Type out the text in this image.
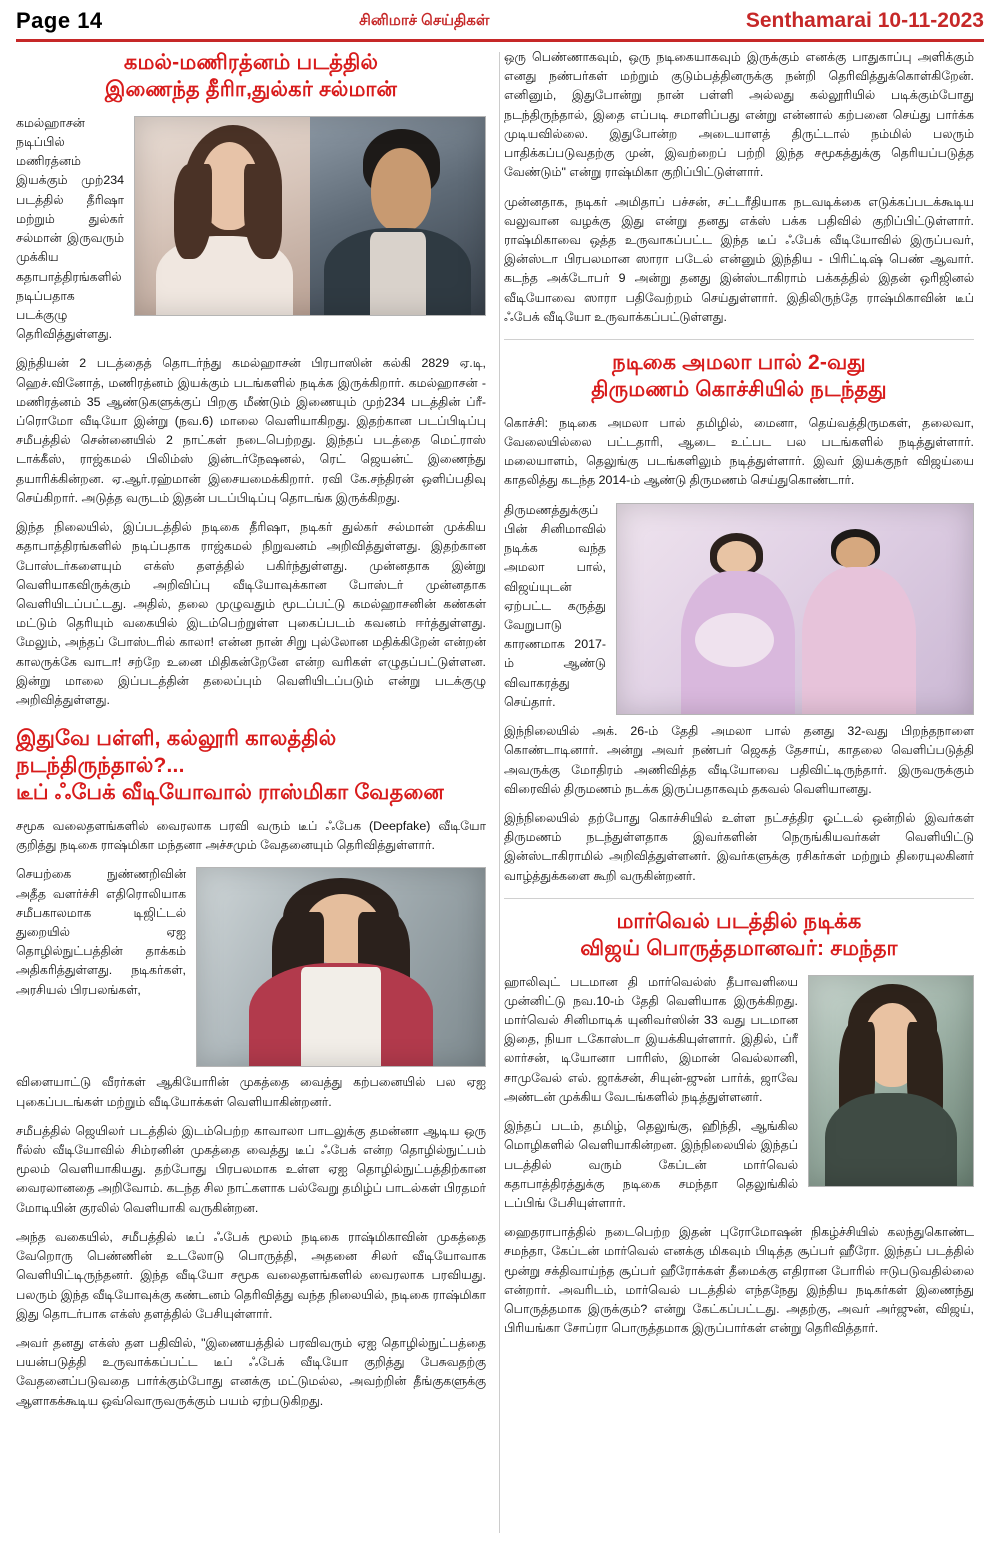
Page 14	சினிமாச் செய்திகள்	Senthamarai 10-11-2023
கமல்-மணிரத்னம் படத்தில்
இணைந்த தீரிா,துல்கர் சல்மான்

கமல்ஹாசன் நடிப்பில் மணிரத்னம் இயக்கும் முற்234 படத்தில் தீரிஷா மற்றும் துல்கர் சல்மான் இருவரும் முக்கிய கதாபாத்திரங்களில் நடிப்பதாக படக்குழு தெரிவித்துள்ளது.

இந்தியன் 2 படத்தைத் தொடர்ந்து கமல்ஹாசன் பிரபாஸின் கல்கி 2829 ஏ.டி, ஹெச்.வினோத், மணிரத்னம் இயக்கும் படங்களில் நடிக்க இருக்கிறார். கமல்ஹாசன் - மணிரத்னம் 35 ஆண்டுகளுக்குப் பிறகு மீண்டும் இணையும் முற்234 படத்தின் ப்ரீ-ப்ரொமோ வீடியோ இன்று (நவ.6) மாலை வெளியாகிறது. இதற்கான படப்பிடிப்பு சமீபத்தில் சென்னையில் 2 நாட்கள் நடைபெற்றது. இந்தப் படத்தை மெட்ராஸ் டாக்கீஸ், ராஜ்கமல் பிலிம்ஸ் இன்டர்நேஷனல், ரெட் ஜெயன்ட் இணைந்து தயாரிக்கின்றன. ஏ.ஆர்.ரஹ்மான் இசையமைக்கிறார். ரவி கே.சந்திரன் ஒளிப்பதிவு செய்கிறார். அடுத்த வருடம் இதன் படப்பிடிப்பு தொடங்க இருக்கிறது.

இந்த நிலையில், இப்படத்தில் நடிகை தீரிஷா, நடிகர் துல்கர் சல்மான் முக்கிய கதாபாத்திரங்களில் நடிப்பதாக ராஜ்கமல் நிறுவனம் அறிவித்துள்ளது. இதற்கான போஸ்டர்களையும் எக்ஸ் தளத்தில் பகிர்ந்துள்ளது. முன்னதாக இன்று வெளியாகவிருக்கும் அறிவிப்பு வீடியோவுக்கான போஸ்டர் முன்னதாக வெளியிடப்பட்டது. அதில், தலை முழுவதும் மூடப்பட்டு கமல்ஹாசனின் கண்கள் மட்டும் தெரியும் வகையில் இடம்பெற்றுள்ள புகைப்படம் கவனம் ஈர்த்துள்ளது. மேலும், அந்தப் போஸ்டரில் காலா! என்ன நான் சிறு புல்லோன மதிக்கிறேன் என்றன் காலருக்கே வாடா! சற்றே உனை மிதிகன்றேனே என்ற வரிகள் எழுதப்பட்டுள்ளன. இன்று மாலை இப்படத்தின் தலைப்பும் வெளியிடப்படும் என்று படக்குழு அறிவித்துள்ளது.

இதுவே பள்ளி, கல்லூரி காலத்தில் நடந்திருந்தால்?...
டீப் ஃபேக் வீடியோவால் ராஸ்மிகா வேதனை

சமூக வலைதளங்களில் வைரலாக பரவி வரும் டீப் ஃபேக (Deepfake) வீடியோ குறித்து நடிகை ராஷ்மிகா மந்தனா அச்சமும் வேதனையும் தெரிவித்துள்ளார்.

செயற்கை நுண்ணறிவின் அதீத வளர்ச்சி எதிரொலியாக சமீபகாலமாக டிஜிட்டல் துறையில் ஏஐ தொழில்நுட்பத்தின் தாக்கம் அதிகரித்துள்ளது. நடிகர்கள், அரசியல் பிரபலங்கள்,

விளையாட்டு வீரர்கள் ஆகியோரின் முகத்தை வைத்து கற்பனையில் பல ஏஐ புகைப்படங்கள் மற்றும் வீடியோக்கள் வெளியாகின்றனர்.

சமீபத்தில் ஜெயிலர் படத்தில் இடம்பெற்ற காவாலா பாடலுக்கு தமன்னா ஆடிய ஒரு ரீல்ஸ் வீடியோவில் சிம்ரனின் முகத்தை வைத்து டீப் ஃபேக் என்ற தொழில்நுட்பம் மூலம் வெளியாகியது. தற்போது பிரபலமாக உள்ள ஏஐ தொழில்நுட்பத்திற்கான வைரலானதை அறிவோம். கடந்த சில நாட்களாக பல்வேறு தமிழ்ப் பாடல்கள் பிரதமர் மோடியின் குரலில் வெளியாகி வருகின்றன.

அந்த வகையில், சமீபத்தில் டீப் ஃபேக் மூலம் நடிகை ராஷ்மிகாவின் முகத்தை வேறொரு பெண்ணின் உடலோடு பொருத்தி, அதனை சிலர் வீடியோவாக வெளியிட்டிருந்தனர். இந்த வீடியோ சமூக வலைதளங்களில் வைரலாக பரவியது. பலரும் இந்த வீடியோவுக்கு கண்டனம் தெரிவித்து வந்த நிலையில், நடிகை ராஷ்மிகா இது தொடர்பாக எக்ஸ் தளத்தில் பேசியுள்ளார்.

அவர் தனது எக்ஸ் தள பதிவில், "இணையத்தில் பரவிவரும் ஏஐ தொழில்நுட்பத்தை பயன்படுத்தி உருவாக்கப்பட்ட டீப் ஃபேக் வீடியோ குறித்து பேசுவதற்கு வேதனைப்படுவதை பார்க்கும்போது எனக்கு மட்டுமல்ல, அவற்றின் தீங்குகளுக்கு ஆளாகக்கூடிய ஒவ்வொருவருக்கும் பயம் ஏற்படுகிறது.

ஒரு பெண்ணாகவும், ஒரு நடிகையாகவும் இருக்கும் எனக்கு பாதுகாப்பு அளிக்கும் எனது நண்பர்கள் மற்றும் குடும்பத்தினருக்கு நன்றி தெரிவித்துக்கொள்கிறேன். எனினும், இதுபோன்று நான் பள்ளி அல்லது கல்லூரியில் படிக்கும்போது நடந்திருந்தால், இதை எப்படி சமாளிப்பது என்று என்னால் கற்பனை செய்து பார்க்க முடியவில்லை. இதுபோன்ற அடையாளத் திருட்டால் நம்மில் பலரும் பாதிக்கப்படுவதற்கு முன், இவற்றைப் பற்றி இந்த சமூகத்துக்கு தெரியப்படுத்த வேண்டும்" என்று ராஷ்மிகா குறிப்பிட்டுள்ளார்.

முன்னதாக, நடிகர் அமிதாப் பச்சன், சட்டரீதியாக நடவடிக்கை எடுக்கப்படக்கூடிய வலுவான வழக்கு இது என்று தனது எக்ஸ் பக்க பதிவில் குறிப்பிட்டுள்ளார். ராஷ்மிகாவை ஒத்த உருவாகப்பட்ட இந்த டீப் ஃபேக் வீடியோவில் இருப்பவர், இன்ஸ்டா பிரபலமான ஸாரா படேல் என்னும் இந்திய - பிரிட்டிஷ் பெண் ஆவார். கடந்த அக்டோபர் 9 அன்று தனது இன்ஸ்டாகிராம் பக்கத்தில் இதன் ஒரிஜினல் வீடியோவை ஸாரா பதிவேற்றம் செய்துள்ளார். இதிலிருந்தே ராஷ்மிகாவின் டீப் ஃபேக் வீடியோ உருவாக்கப்பட்டுள்ளது.

நடிகை அமலா பால் 2-வது
திருமணம் கொச்சியில் நடந்தது

கொச்சி: நடிகை அமலா பால் தமிழில், மைனா, தெய்வத்திருமகள், தலைவா, வேலையில்லை பட்டதாரி, ஆடை உட்பட பல படங்களில் நடித்துள்ளார். மலையாளம், தெலுங்கு படங்களிலும் நடித்துள்ளார். இவர் இயக்குநர் விஜய்யை காதலித்து கடந்த 2014-ம் ஆண்டு திருமணம் செய்துகொண்டார்.

திருமணத்துக்குப் பின் சினிமாவில் நடிக்க வந்த அமலா பால், விஜய்யுடன் ஏற்பட்ட கருத்து வேறுபாடு காரணமாக 2017-ம் ஆண்டு விவாகரத்து செய்தார்.

இந்நிலையில் அக். 26-ம் தேதி அமலா பால் தனது 32-வது பிறந்தநாளை கொண்டாடினார். அன்று அவர் நண்பர் ஜெகத் தேசாய், காதலை வெளிப்படுத்தி அவருக்கு மோதிரம் அணிவித்த வீடியோவை பதிவிட்டிருந்தார். இருவருக்கும் விரைவில் திருமணம் நடக்க இருப்பதாகவும் தகவல் வெளியானது.

இந்நிலையில் தற்போது கொச்சியில் உள்ள நட்சத்திர ஓட்டல் ஒன்றில் இவர்கள் திருமணம் நடந்துள்ளதாக இவர்களின் நெருங்கியவர்கள் வெளியிட்டு இன்ஸ்டாகிராமில் அறிவித்துள்ளனர். இவர்களுக்கு ரசிகர்கள் மற்றும் திரையுலகினர் வாழ்த்துக்களை கூறி வருகின்றனர்.

மார்வெல் படத்தில் நடிக்க
விஜய் பொருத்தமானவர்: சமந்தா

ஹாலிவுட் படமான தி மார்வெல்ஸ் தீபாவளியை முன்னிட்டு நவ.10-ம் தேதி வெளியாக இருக்கிறது. மார்வெல் சினிமாடிக் யுனிவர்ஸின் 33 வது படமான இதை, நியா டகோஸ்டா இயக்கியுள்ளார். இதில், ப்ரீ லார்சன், டியோனா பாரிஸ், இமான் வெல்லானி, சாமுவேல் எல். ஜாக்சன், சியுன்-ஜுன் பார்க், ஜாவே அண்டன் முக்கிய வேடங்களில் நடித்துள்ளனர்.

இந்தப் படம், தமிழ், தெலுங்கு, ஹிந்தி, ஆங்கில மொழிகளில் வெளியாகின்றன. இந்நிலையில் இந்தப் படத்தில் வரும் கேப்டன் மார்வெல் கதாபாத்திரத்துக்கு நடிகை சமந்தா தெலுங்கில் டப்பிங் பேசியுள்ளார்.

ஹைதராபாத்தில் நடைபெற்ற இதன் புரோமோஷன் நிகழ்ச்சியில் கலந்துகொண்ட சமந்தா, கேப்டன் மார்வெல் எனக்கு மிகவும் பிடித்த சூப்பர் ஹீரோ. இந்தப் படத்தில் மூன்று சக்திவாய்ந்த சூப்பர் ஹீரோக்கள் தீமைக்கு எதிரான போரில் ஈடுபடுவதில்லை என்றார். அவரிடம், மார்வெல் படத்தில் எந்தநேது இந்திய நடிகர்கள் இணைந்து பொருத்தமாக இருக்கும்? என்று கேட்கப்பட்டது. அதற்கு, அவர் அர்ஜுன், விஜய், பிரியங்கா சோப்ரா பொருத்தமாக இருப்பார்கள் என்று தெரிவித்தார்.
